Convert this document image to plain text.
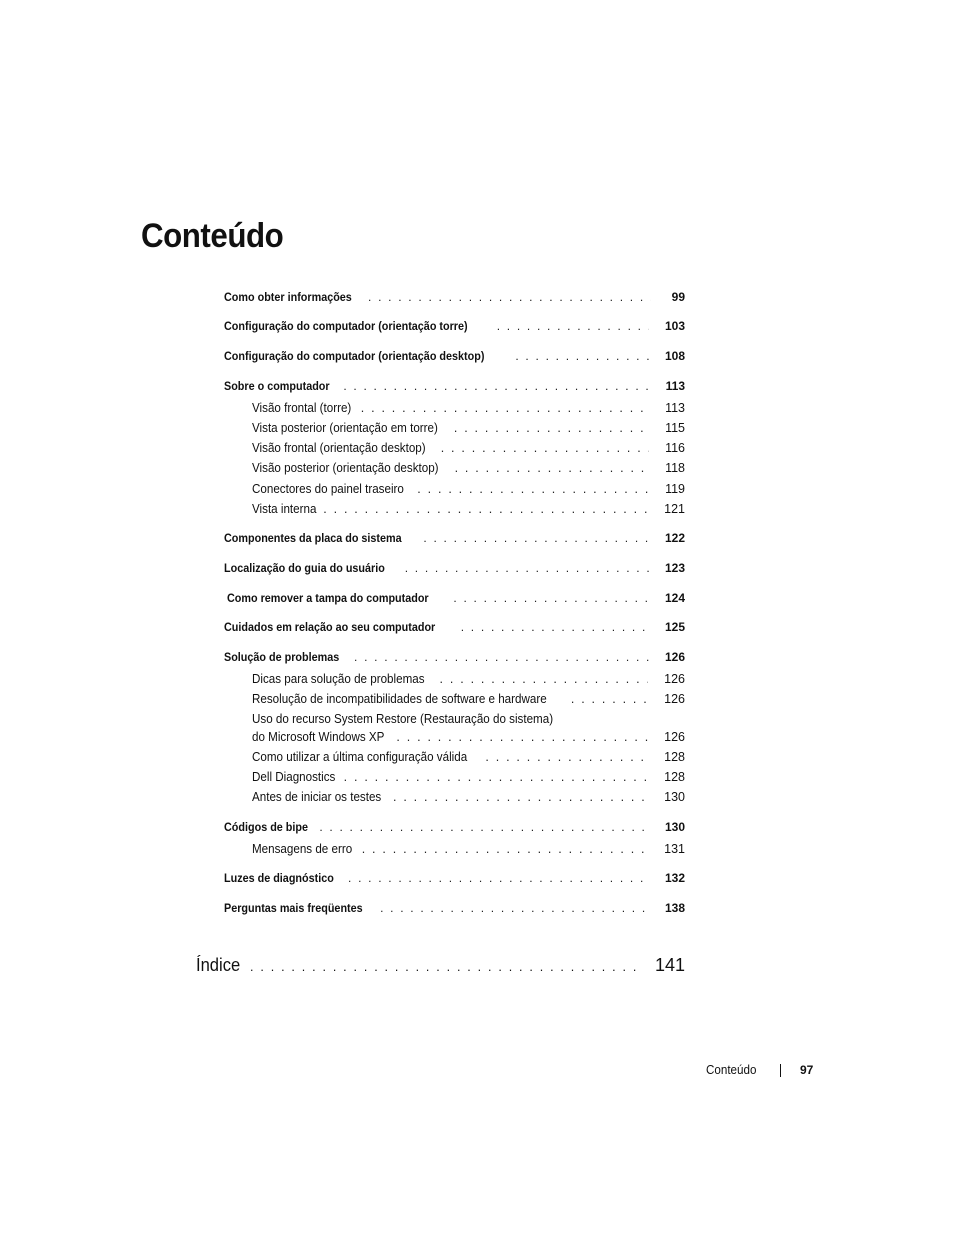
Conteúdo
Como obter informações . . .	99
Configuração do computador (orientação torre) . . .	103
Configuração do computador (orientação desktop) . . .	108
Sobre o computador . . .	113
Visão frontal (torre) . . .	113
Vista posterior (orientação em torre) . . .	115
Visão frontal (orientação desktop) . . .	116
Visão posterior (orientação desktop) . . .	118
Conectores do painel traseiro . . .	119
Vista interna . . .	121
Componentes da placa do sistema . . .	122
Localização do guia do usuário . . .	123
Como remover a tampa do computador . . .	124
Cuidados em relação ao seu computador . . .	125
Solução de problemas . . .	126
Dicas para solução de problemas . . .	126
Resolução de incompatibilidades de software e hardware . . .	126
Uso do recurso System Restore (Restauração do sistema)
do Microsoft Windows XP . . .	126
Como utilizar a última configuração válida . . .	128
Dell Diagnostics . . .	128
Antes de iniciar os testes . . .	130
Códigos de bipe . . .	130
Mensagens de erro . . .	131
Luzes de diagnóstico . . .	132
Perguntas mais freqüentes . . .	138
Índice . . .	141
Conteúdo	97
